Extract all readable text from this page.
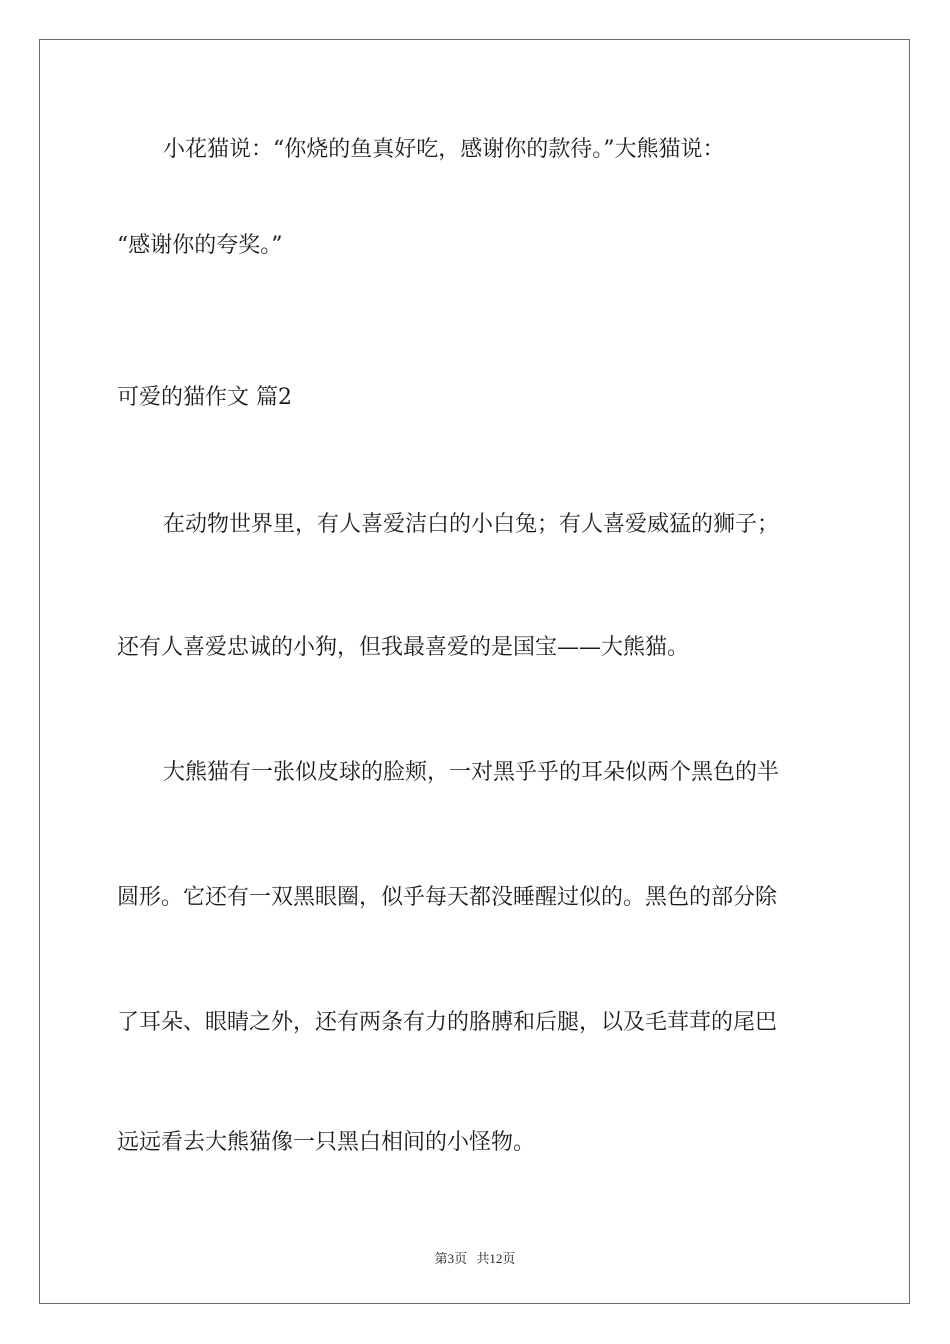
小花猫说：“你烧的鱼真好吃，感谢你的款待。”大熊猫说：

“感谢你的夸奖。”

可爱的猫作文 篇2

在动物世界里，有人喜爱洁白的小白兔；有人喜爱威猛的狮子；

还有人喜爱忠诚的小狗，但我最喜爱的是国宝——大熊猫。

大熊猫有一张似皮球的脸颊，一对黑乎乎的耳朵似两个黑色的半

圆形。它还有一双黑眼圈，似乎每天都没睡醒过似的。黑色的部分除

了耳朵、眼睛之外，还有两条有力的胳膊和后腿，以及毛茸茸的尾巴

远远看去大熊猫像一只黑白相间的小怪物。

第3页 共12页
